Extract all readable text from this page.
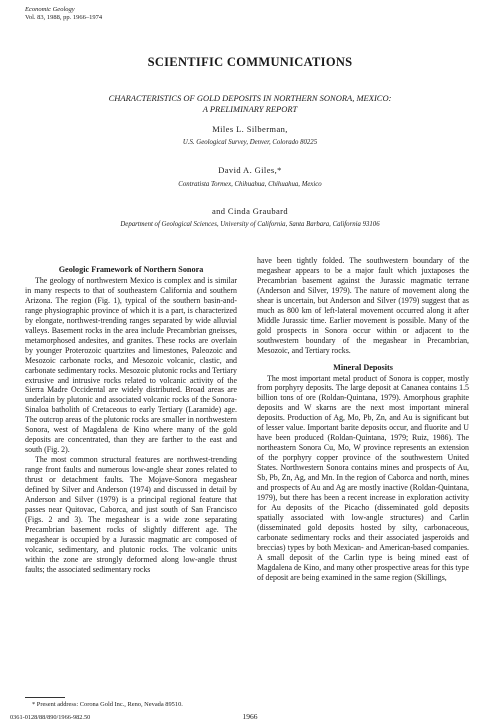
Economic Geology
Vol. 83, 1988, pp. 1966–1974
SCIENTIFIC COMMUNICATIONS
CHARACTERISTICS OF GOLD DEPOSITS IN NORTHERN SONORA, MEXICO:
A PRELIMINARY REPORT
Miles L. Silberman,
U.S. Geological Survey, Denver, Colorado 80225
David A. Giles,*
Contratista Tormex, Chihuahua, Chihuahua, Mexico
and Cinda Graubard
Department of Geological Sciences, University of California, Santa Barbara, California 93106
Geologic Framework of Northern Sonora

The geology of northwestern Mexico is complex and is similar in many respects to that of southeastern California and southern Arizona. The region (Fig. 1), typical of the southern basin-and-range physiographic province of which it is a part, is characterized by elongate, northwest-trending ranges separated by wide alluvial valleys. Basement rocks in the area include Precambrian gneisses, metamorphosed andesites, and granites. These rocks are overlain by younger Proterozoic quartzites and limestones, Paleozoic and Mesozoic carbonate rocks, and Mesozoic volcanic, clastic, and carbonate sedimentary rocks. Mesozoic plutonic rocks and Tertiary extrusive and intrusive rocks related to volcanic activity of the Sierra Madre Occidental are widely distributed. Broad areas are underlain by plutonic and associated volcanic rocks of the Sonora-Sinaloa batholith of Cretaceous to early Tertiary (Laramide) age. The outcrop areas of the plutonic rocks are smaller in northwestern Sonora, west of Magdalena de Kino where many of the gold deposits are concentrated, than they are farther to the east and south (Fig. 2).

The most common structural features are northwest-trending range front faults and numerous low-angle shear zones related to thrust or detachment faults. The Mojave-Sonora megashear defined by Silver and Anderson (1974) and discussed in detail by Anderson and Silver (1979) is a principal regional feature that passes near Quitovac, Caborca, and just south of San Francisco (Figs. 2 and 3). The megashear is a wide zone separating Precambrian basement rocks of slightly different age. The megashear is occupied by a Jurassic magmatic arc composed of volcanic, sedimentary, and plutonic rocks. The volcanic units within the zone are strongly deformed along low-angle thrust faults; the associated sedimentary rocks

have been tightly folded. The southwestern boundary of the megashear appears to be a major fault which juxtaposes the Precambrian basement against the Jurassic magmatic terrane (Anderson and Silver, 1979). The nature of movement along the shear is uncertain, but Anderson and Silver (1979) suggest that as much as 800 km of left-lateral movement occurred along it after Middle Jurassic time. Earlier movement is possible. Many of the gold prospects in Sonora occur within or adjacent to the southwestern boundary of the megashear in Precambrian, Mesozoic, and Tertiary rocks.

Mineral Deposits

The most important metal product of Sonora is copper, mostly from porphyry deposits. The large deposit at Cananea contains 1.5 billion tons of ore (Roldan-Quintana, 1979). Amorphous graphite deposits and W skarns are the next most important mineral deposits. Production of Ag, Mo, Pb, Zn, and Au is significant but of lesser value. Important barite deposits occur, and fluorite and U have been produced (Roldan-Quintana, 1979; Ruiz, 1986). The northeastern Sonora Cu, Mo, W province represents an extension of the porphyry copper province of the southwestern United States. Northwestern Sonora contains mines and prospects of Au, Sb, Pb, Zn, Ag, and Mn. In the region of Caborca and north, mines and prospects of Au and Ag are mostly inactive (Roldan-Quintana, 1979), but there has been a recent increase in exploration activity for Au deposits of the Picacho (disseminated gold deposits spatially associated with low-angle structures) and Carlin (disseminated gold deposits hosted by silty, carbonaceous, carbonate sedimentary rocks and their associated jasperoids and breccias) types by both Mexican- and American-based companies. A small deposit of the Carlin type is being mined east of Magdalena de Kino, and many other prospective areas for this type of deposit are being examined in the same region (Skillings,

* Present address: Corona Gold Inc., Reno, Nevada 89510.
0361-0128/88/890/1966-982.50	1966
